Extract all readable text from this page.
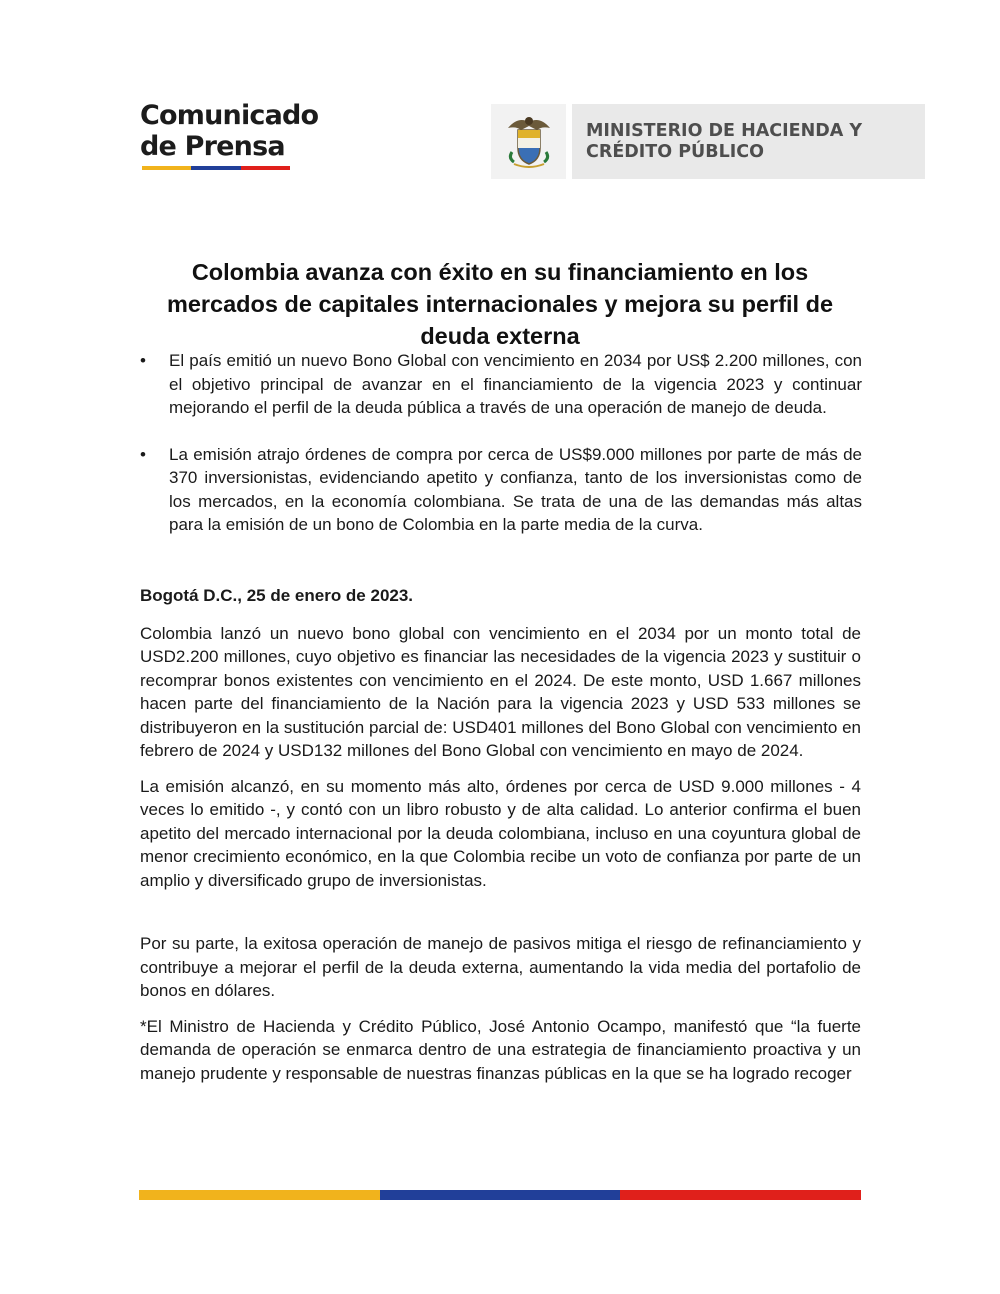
Comunicado
de Prensa
MINISTERIO DE HACIENDA Y
CRÉDITO PÚBLICO
Colombia avanza con éxito en su financiamiento en los mercados de capitales internacionales y mejora su perfil de deuda externa
• El país emitió un nuevo Bono Global con vencimiento en 2034 por US$ 2.200 millones, con el objetivo principal de avanzar en el financiamiento de la vigencia 2023 y continuar mejorando el perfil de la deuda pública a través de una operación de manejo de deuda.
• La emisión atrajo órdenes de compra por cerca de US$9.000 millones por parte de más de 370 inversionistas, evidenciando apetito y confianza, tanto de los inversionistas como de los mercados, en la economía colombiana. Se trata de una de las demandas más altas para la emisión de un bono de Colombia en la parte media de la curva.

Bogotá D.C., 25 de enero de 2023.

Colombia lanzó un nuevo bono global con vencimiento en el 2034 por un monto total de USD2.200 millones, cuyo objetivo es financiar las necesidades de la vigencia 2023 y sustituir o recomprar bonos existentes con vencimiento en el 2024. De este monto, USD 1.667 millones hacen parte del financiamiento de la Nación para la vigencia 2023 y USD 533 millones se distribuyeron en la sustitución parcial de: USD401 millones del Bono Global con vencimiento en febrero de 2024 y USD132 millones del Bono Global con vencimiento en mayo de 2024.

La emisión alcanzó, en su momento más alto, órdenes por cerca de USD 9.000 millones - 4 veces lo emitido -, y contó con un libro robusto y de alta calidad. Lo anterior confirma el buen apetito del mercado internacional por la deuda colombiana, incluso en una coyuntura global de menor crecimiento económico, en la que Colombia recibe un voto de confianza por parte de un amplio y diversificado grupo de inversionistas.

Por su parte, la exitosa operación de manejo de pasivos mitiga el riesgo de refinanciamiento y contribuye a mejorar el perfil de la deuda externa, aumentando la vida media del portafolio de bonos en dólares.

*El Ministro de Hacienda y Crédito Público, José Antonio Ocampo, manifestó que “la fuerte demanda de operación se enmarca dentro de una estrategia de financiamiento proactiva y un manejo prudente y responsable de nuestras finanzas públicas en la que se ha logrado recoger
